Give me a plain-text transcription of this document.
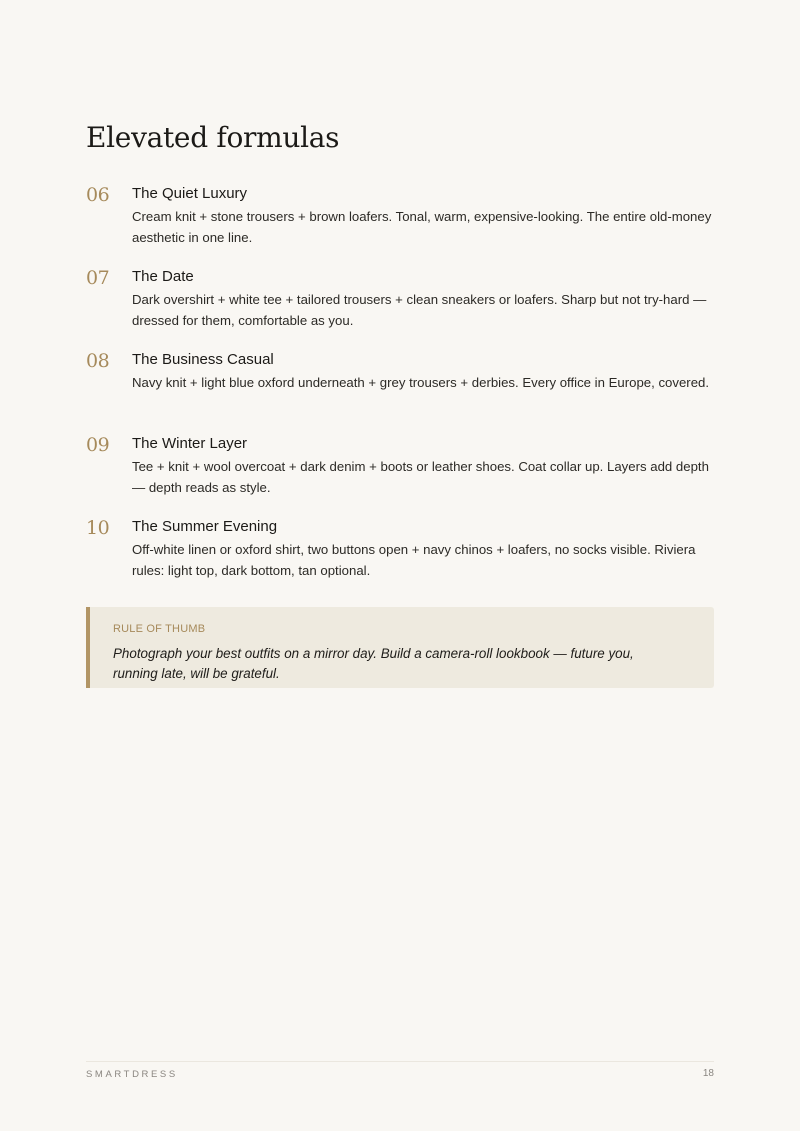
Elevated formulas
06 The Quiet Luxury
Cream knit + stone trousers + brown loafers. Tonal, warm, expensive-looking. The entire old-money aesthetic in one line.
07 The Date
Dark overshirt + white tee + tailored trousers + clean sneakers or loafers. Sharp but not try-hard — dressed for them, comfortable as you.
08 The Business Casual
Navy knit + light blue oxford underneath + grey trousers + derbies. Every office in Europe, covered.
09 The Winter Layer
Tee + knit + wool overcoat + dark denim + boots or leather shoes. Coat collar up. Layers add depth — depth reads as style.
10 The Summer Evening
Off-white linen or oxford shirt, two buttons open + navy chinos + loafers, no socks visible. Riviera rules: light top, dark bottom, tan optional.
RULE OF THUMB
Photograph your best outfits on a mirror day. Build a camera-roll lookbook — future you, running late, will be grateful.
SMARTDRESS	18
